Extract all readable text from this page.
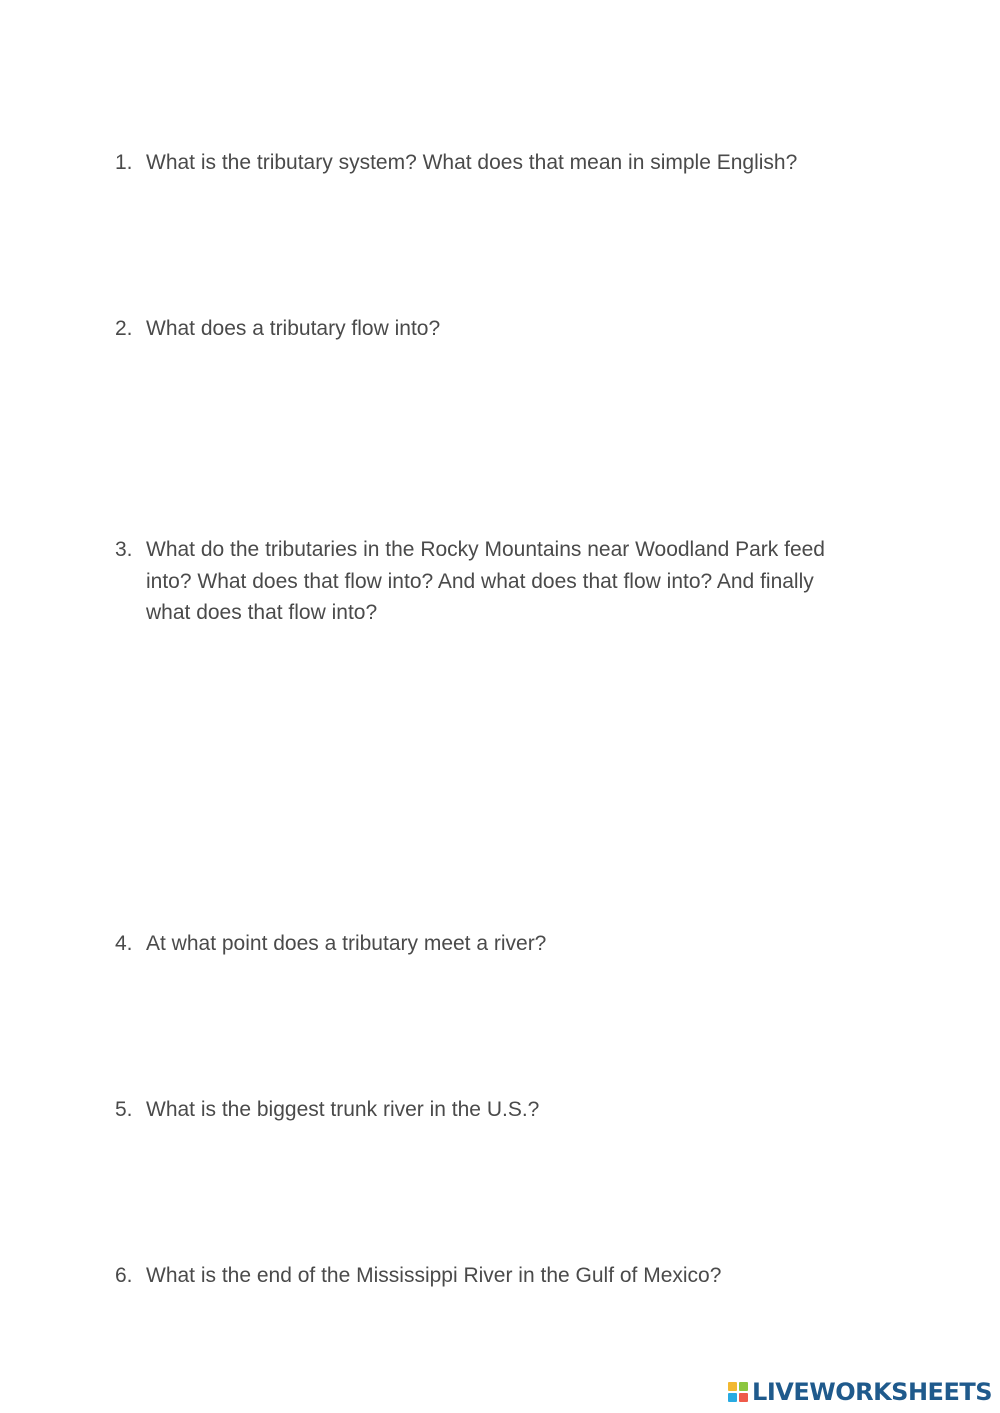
1. What is the tributary system? What does that mean in simple English?
2. What does a tributary flow into?
3. What do the tributaries in the Rocky Mountains near Woodland Park feed into? What does that flow into? And what does that flow into? And finally what does that flow into?
4. At what point does a tributary meet a river?
5. What is the biggest trunk river in the U.S.?
6. What is the end of the Mississippi River in the Gulf of Mexico?
LIVEWORKSHEETS
